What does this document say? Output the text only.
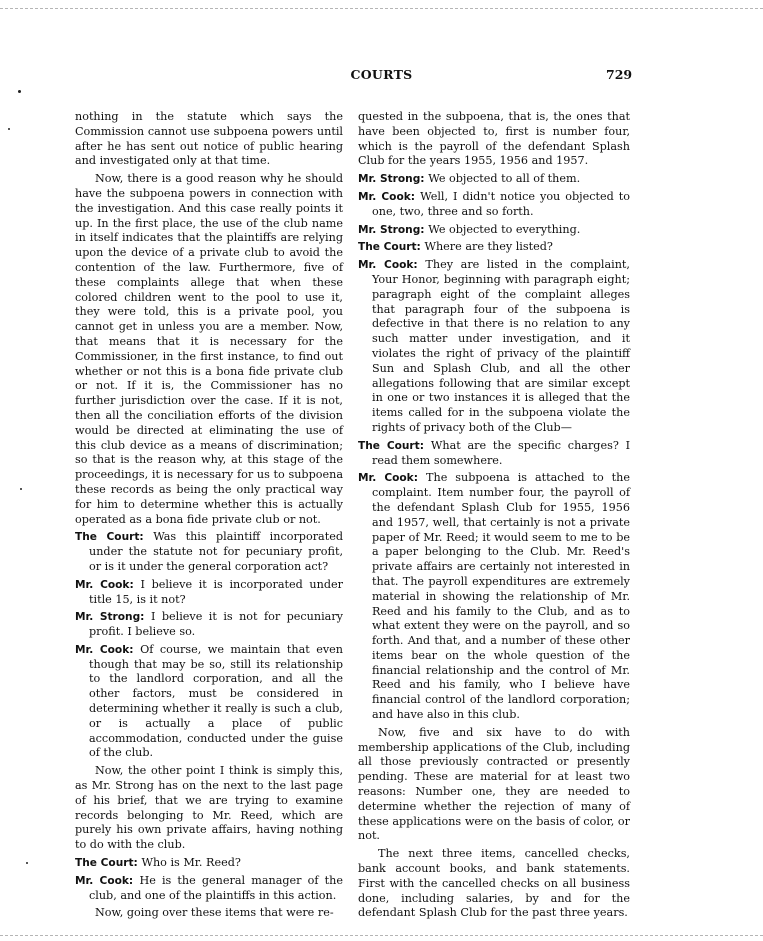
COURTS	729

nothing in the statute which says the Commission cannot use subpoena powers until after he has sent out notice of public hearing and investigated only at that time.

Now, there is a good reason why he should have the subpoena powers in connection with the investigation. And this case really points it up. In the first place, the use of the club name in itself indicates that the plaintiffs are relying upon the device of a private club to avoid the contention of the law. Furthermore, five of these complaints allege that when these colored children went to the pool to use it, they were told, this is a private pool, you cannot get in unless you are a member. Now, that means that it is necessary for the Commissioner, in the first instance, to find out whether or not this is a bona fide private club or not. If it is, the Commissioner has no further jurisdiction over the case. If it is not, then all the conciliation efforts of the division would be directed at eliminating the use of this club device as a means of discrimination; so that is the reason why, at this stage of the proceedings, it is necessary for us to subpoena these records as being the only practical way for him to determine whether this is actually operated as a bona fide private club or not.

The Court: Was this plaintiff incorporated under the statute not for pecuniary profit, or is it under the general corporation act?

Mr. Cook: I believe it is incorporated under title 15, is it not?

Mr. Strong: I believe it is not for pecuniary profit. I believe so.

Mr. Cook: Of course, we maintain that even though that may be so, still its relationship to the landlord corporation, and all the other factors, must be considered in determining whether it really is such a club, or is actually a place of public accommodation, conducted under the guise of the club.

Now, the other point I think is simply this, as Mr. Strong has on the next to the last page of his brief, that we are trying to examine records belonging to Mr. Reed, which are purely his own private affairs, having nothing to do with the club.

The Court: Who is Mr. Reed?

Mr. Cook: He is the general manager of the club, and one of the plaintiffs in this action.

Now, going over these items that were re-

quested in the subpoena, that is, the ones that have been objected to, first is number four, which is the payroll of the defendant Splash Club for the years 1955, 1956 and 1957.

Mr. Strong: We objected to all of them.

Mr. Cook: Well, I didn't notice you objected to one, two, three and so forth.

Mr. Strong: We objected to everything.

The Court: Where are they listed?

Mr. Cook: They are listed in the complaint, Your Honor, beginning with paragraph eight; paragraph eight of the complaint alleges that paragraph four of the subpoena is defective in that there is no relation to any such matter under investigation, and it violates the right of privacy of the plaintiff Sun and Splash Club, and all the other allegations following that are similar except in one or two instances it is alleged that the items called for in the subpoena violate the rights of privacy both of the Club—

The Court: What are the specific charges? I read them somewhere.

Mr. Cook: The subpoena is attached to the complaint. Item number four, the payroll of the defendant Splash Club for 1955, 1956 and 1957, well, that certainly is not a private paper of Mr. Reed; it would seem to me to be a paper belonging to the Club. Mr. Reed's private affairs are certainly not interested in that. The payroll expenditures are extremely material in showing the relationship of Mr. Reed and his family to the Club, and as to what extent they were on the payroll, and so forth. And that, and a number of these other items bear on the whole question of the financial relationship and the control of Mr. Reed and his family, who I believe have financial control of the landlord corporation; and have also in this club.

Now, five and six have to do with membership applications of the Club, including all those previously contracted or presently pending. These are material for at least two reasons: Number one, they are needed to determine whether the rejection of many of these applications were on the basis of color, or not.

The next three items, cancelled checks, bank account books, and bank statements. First with the cancelled checks on all business done, including salaries, by and for the defendant Splash Club for the past three years.
